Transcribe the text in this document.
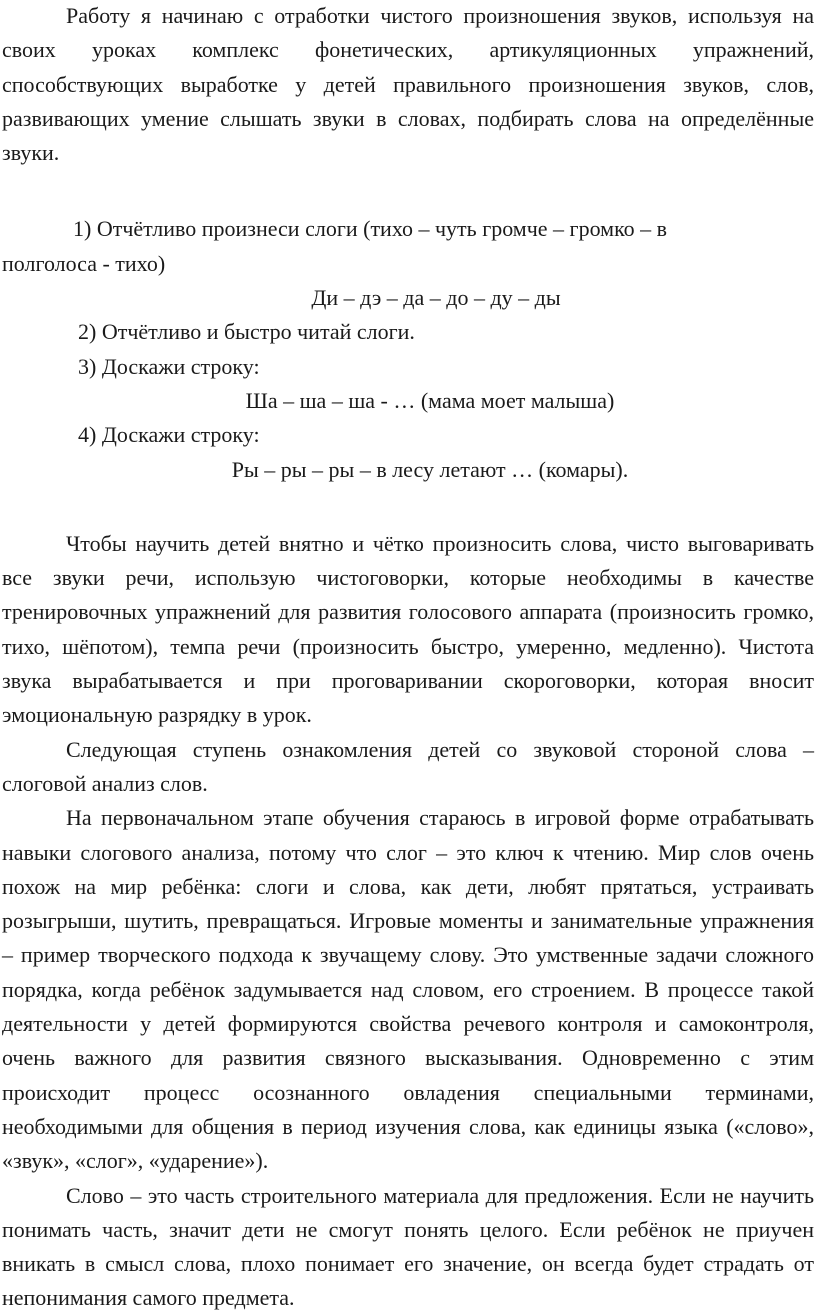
Работу я начинаю с отработки чистого произношения звуков, используя на своих уроках комплекс фонетических, артикуляционных упражнений, способствующих выработке у детей правильного произношения звуков, слов, развивающих умение слышать звуки в словах, подбирать слова на определённые звуки.

1) Отчётливо произнеси слоги (тихо – чуть громче – громко – в

полголоса - тихо)

Ди – дэ – да – до – ду – ды

2) Отчётливо и быстро читай слоги.

3) Доскажи строку:

Ша – ша – ша - … (мама моет малыша)

4) Доскажи строку:

Ры – ры – ры – в лесу летают … (комары).

Чтобы научить детей внятно и чётко произносить слова, чисто выговаривать все звуки речи, использую чистоговорки, которые необходимы в качестве тренировочных упражнений для развития голосового аппарата (произносить громко, тихо, шёпотом), темпа речи (произносить быстро, умеренно, медленно). Чистота звука вырабатывается и при проговаривании скороговорки, которая вносит эмоциональную разрядку в урок.

Следующая ступень ознакомления детей со звуковой стороной слова – слоговой анализ слов.

На первоначальном этапе обучения стараюсь в игровой форме отрабатывать навыки слогового анализа, потому что слог – это ключ к чтению. Мир слов очень похож на мир ребёнка: слоги и слова, как дети, любят прятаться, устраивать розыгрыши, шутить, превращаться. Игровые моменты и занимательные упражнения – пример творческого подхода к звучащему слову. Это умственные задачи сложного порядка, когда ребёнок задумывается над словом, его строением. В процессе такой деятельности у детей формируются свойства речевого контроля и самоконтроля, очень важного для развития связного высказывания. Одновременно с этим происходит процесс осознанного овладения специальными терминами, необходимыми для общения в период изучения слова, как единицы языка («слово», «звук», «слог», «ударение»).

Слово – это часть строительного материала для предложения. Если не научить понимать часть, значит дети не смогут понять целого. Если ребёнок не приучен вникать в смысл слова, плохо понимает его значение, он всегда будет страдать от непонимания самого предмета.
